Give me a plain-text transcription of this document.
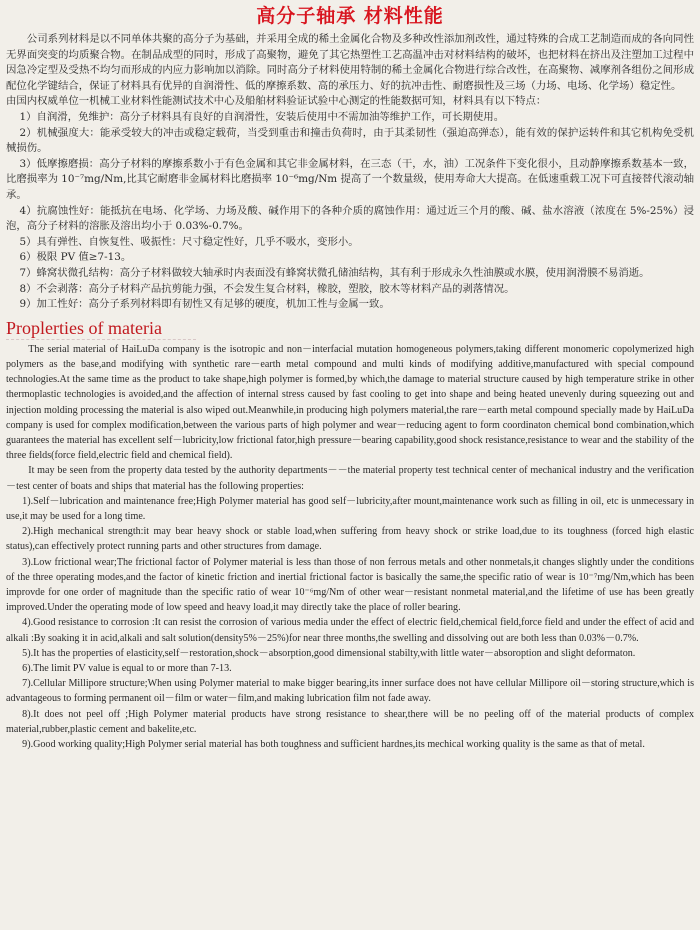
高分子轴承 材料性能

公司系列材料是以不同单体共聚的高分子为基础，并采用全成的稀土金属化合物及多种改性添加剂改性，通过特殊的合成工艺制造而成的各向同性无界面突变的均质聚合物。在制品成型的同时，形成了高聚物，避免了其它热塑性工艺高温冲击对材料结构的破坏，也把材料在挤出及注塑加工过程中因急冷定型及受热不均匀而形成的内应力影响加以消除。同时高分子材料使用特制的稀土金属化合物进行综合改性，在高聚物、减摩剂各组份之间形成配位化学键结合，保证了材料具有优异的自润滑性、低的摩擦系数、高的承压力、好的抗冲击性、耐磨损性及三场（力场、电场、化学场）稳定性。

由国内权威单位一机械工业材料性能测试技术中心及船舶材料验证试验中心测定的性能数据可知，材料具有以下特点：

1）自润滑，免维护：高分子材料具有良好的自润滑性，安装后使用中不需加油等维护工作，可长期使用。

2）机械强度大：能承受较大的冲击或稳定载荷，当受到重击和撞击负荷时，由于其柔韧性（强迫高弹态），能有效的保护运转件和其它机构免受机械损伤。

3）低摩擦磨损：高分子材料的摩擦系数小于有色金属和其它非金属材料，在三态（干，水，油）工况条件下变化很小，且动静摩擦系数基本一致，比磨损率为 10⁻⁷mg/Nm,比其它耐磨非金属材料比磨损率 10⁻⁶mg/Nm 提高了一个数量级，使用寿命大大提高。在低速重载工况下可直接替代滚动轴承。

4）抗腐蚀性好：能抵抗在电场、化学场、力场及酸、碱作用下的各种介质的腐蚀作用：通过近三个月的酸、碱、盐水溶液（浓度在 5%-25%）浸泡，高分子材料的溶胀及溶出均小于 0.03%-0.7%。

5）具有弹性、自恢复性、吸振性：尺寸稳定性好，几乎不吸水，变形小。

6）极限 PV 值≥7-13。

7）蜂窝状微孔结构：高分子材料做较大轴承时内表面没有蜂窝状微孔储油结构，其有利于形成永久性油膜或水膜，使用润滑膜不易消逝。

8）不会剥落：高分子材料产品抗剪能力强，不会发生复合材料，橡胶，塑胶，胶木等材料产品的剥落情况。

9）加工性好：高分子系列材料即有韧性又有足够的硬度，机加工性与金属一致。

Proplerties of materia

The serial material of HaiLuDa company is the isotropic and non－interfacial mutation homogeneous polymers,taking different monomeric copolymerized high polymers as the base,and modifying with synthetic rare－earth metal compound and multi kinds of modifying additive,manufactured with special compound technologies.At the same time as the product to take shape,high polymer is formed,by which,the damage to material structure caused by high temperature strike in other thermoplastic technologies is avoided,and the affection of internal stress caused by fast cooling to get into shape and being heated unevenly during squeezing out and injection molding processing the material is also wiped out.Meanwhile,in producing high polymers material,the rare－earth metal compound specially made by HaiLuDa company is used for complex modification,between the various parts of high polymer and wear－reducing agent to form coordinaton chemical bond combination,which guarantees the material has excellent self－lubricity,low frictional fator,high pressure－bearing capability,good shock resistance,resistance to wear and the stability of the three fields(force field,electric field and chemical field).

It may be seen from the property data tested by the authority departments－－the material property test technical center of mechanical industry and the verification－test center of boats and ships that material has the following properties:

1).Self－lubrication and maintenance free;High Polymer material has good self－lubricity,after mount,maintenance work such as filling in oil, etc is unmecessary in use,it may be used for a long time.

2).High mechanical strength:it may bear heavy shock or stable load,when suffering from heavy shock or strike load,due to its toughness (forced high elastic status),can effectively protect running parts and other structures from damage.

3).Low frictional wear;The frictional factor of Polymer material is less than those of non ferrous metals and other nonmetals,it changes slightly under the conditions of the three operating modes,and the factor of kinetic friction and inertial frictional factor is basically the same,the specific ratio of wear is 10⁻⁷mg/Nm,which has been improvde for one order of magnitude than the specific ratio of wear 10⁻⁶mg/Nm of other wear－resistant nonmetal material,and the lifetime of use has been greatly improved.Under the operating mode of low speed and heavy load,it may directly take the place of roller bearing.

4).Good resistance to corrosion :It can resist the corrosion of various media under the effect of electric field,chemical field,force field and under the effect of acid and alkali :By soaking it in acid,alkali and salt solution(density5%－25%)for near three months,the swelling and dissolving out are both less than 0.03%－0.7%.

5).It has the properties of elasticity,self－restoration,shock－absorption,good dimensional stabilty,with little water－absoroption and slight deformaton.

6).The limit PV value is equal to or more than 7-13.

7).Cellular Millipore structure;When using Polymer material to make bigger bearing,its inner surface does not have cellular Millipore oil－storing structure,which is advantageous to forming permanent oil－film or water－film,and making lubrication film not fade away.

8).It does not peel off ;High Polymer material products have strong resistance to shear,there will be no peeling off of the material products of complex material,rubber,plastic cement and bakelite,etc.

9).Good working quality;High Polymer serial material has both toughness and sufficient hardnes,its mechical working quality is the same as that of metal.
